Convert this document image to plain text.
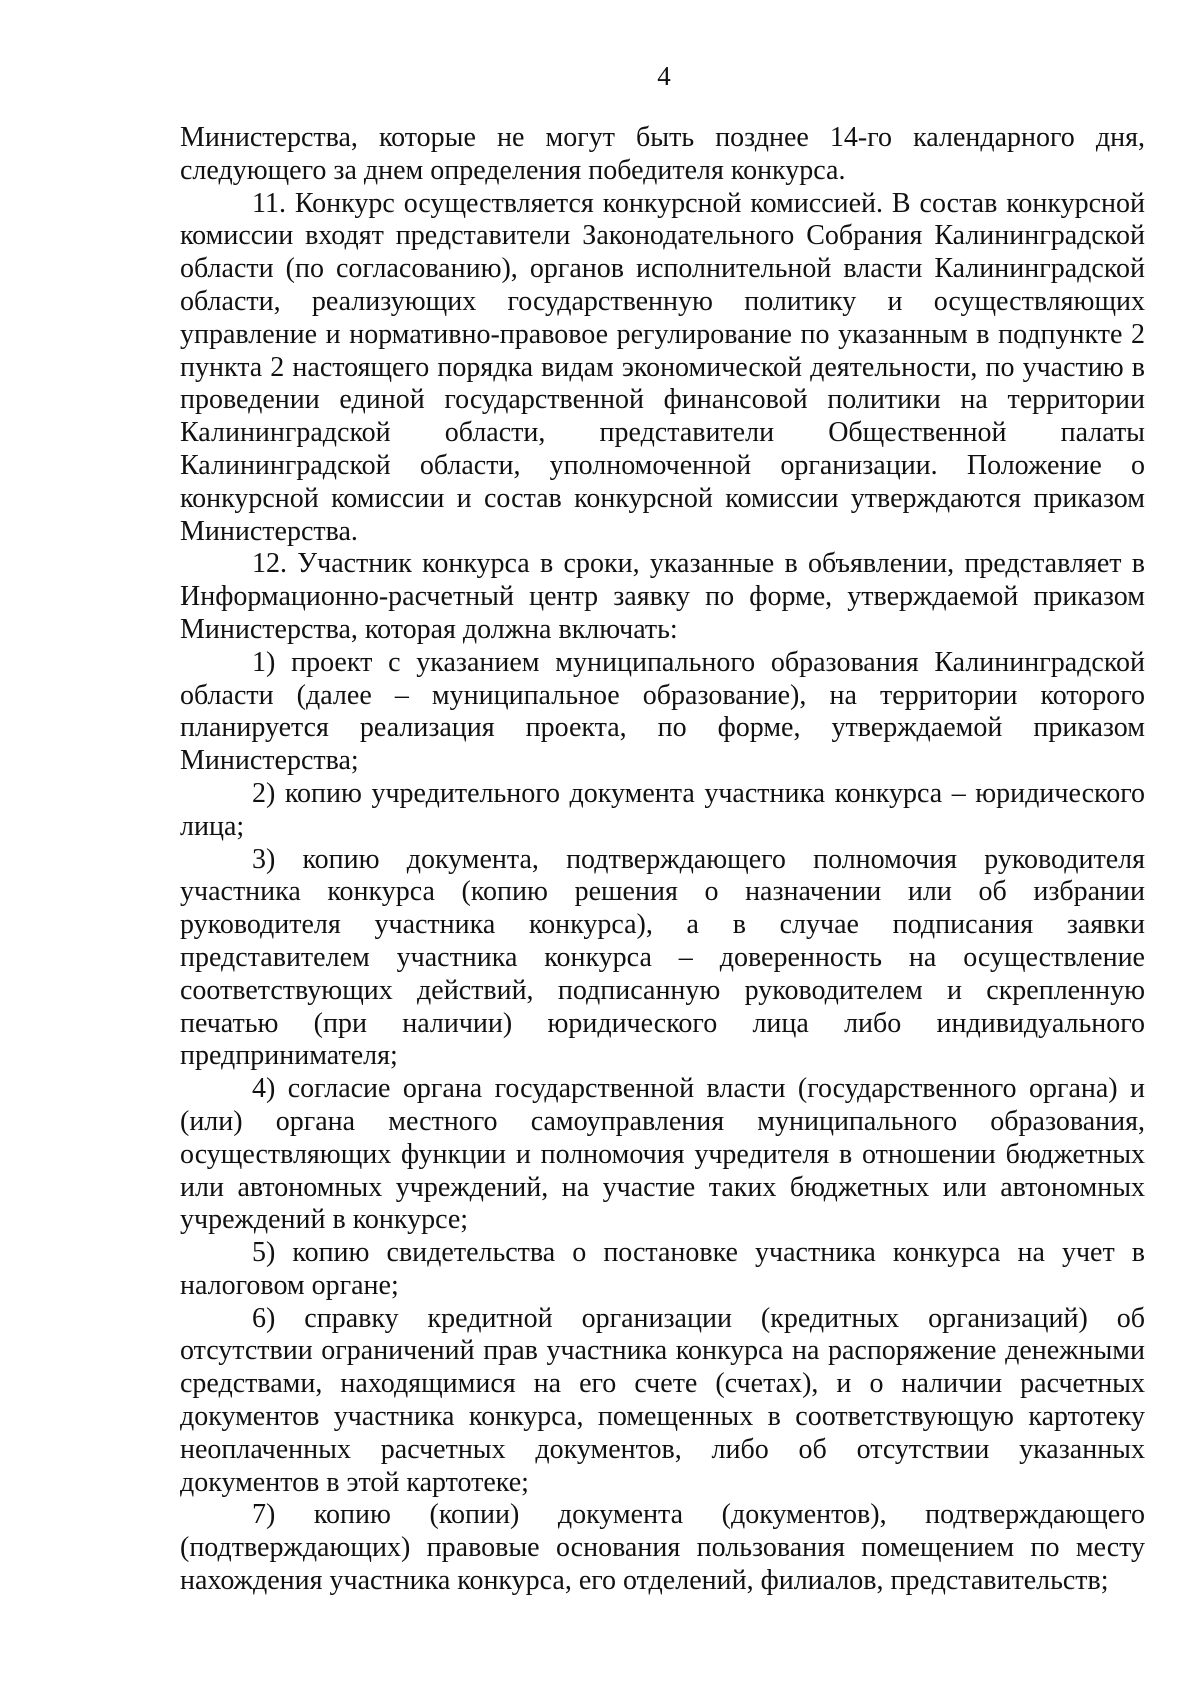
4

Министерства, которые не могут быть позднее 14-го календарного дня, следующего за днем определения победителя конкурса.

11. Конкурс осуществляется конкурсной комиссией. В состав конкурсной комиссии входят представители Законодательного Собрания Калининградской области (по согласованию), органов исполнительной власти Калининградской области, реализующих государственную политику и осуществляющих управление и нормативно-правовое регулирование по указанным в подпункте 2 пункта 2 настоящего порядка видам экономической деятельности, по участию в проведении единой государственной финансовой политики на территории Калининградской области, представители Общественной палаты Калининградской области, уполномоченной организации. Положение о конкурсной комиссии и состав конкурсной комиссии утверждаются приказом Министерства.

12. Участник конкурса в сроки, указанные в объявлении, представляет в Информационно-расчетный центр заявку по форме, утверждаемой приказом Министерства, которая должна включать:

1) проект с указанием муниципального образования Калининградской области (далее – муниципальное образование), на территории которого планируется реализация проекта, по форме, утверждаемой приказом Министерства;

2) копию учредительного документа участника конкурса – юридического лица;

3) копию документа, подтверждающего полномочия руководителя участника конкурса (копию решения о назначении или об избрании руководителя участника конкурса), а в случае подписания заявки представителем участника конкурса – доверенность на осуществление соответствующих действий, подписанную руководителем и скрепленную печатью (при наличии) юридического лица либо индивидуального предпринимателя;

4) согласие органа государственной власти (государственного органа) и (или) органа местного самоуправления муниципального образования, осуществляющих функции и полномочия учредителя в отношении бюджетных или автономных учреждений, на участие таких бюджетных или автономных учреждений в конкурсе;

5) копию свидетельства о постановке участника конкурса на учет в налоговом органе;

6) справку кредитной организации (кредитных организаций) об отсутствии ограничений прав участника конкурса на распоряжение денежными средствами, находящимися на его счете (счетах), и о наличии расчетных документов участника конкурса, помещенных в соответствующую картотеку неоплаченных расчетных документов, либо об отсутствии указанных документов в этой картотеке;

7) копию (копии) документа (документов), подтверждающего (подтверждающих) правовые основания пользования помещением по месту нахождения участника конкурса, его отделений, филиалов, представительств;
